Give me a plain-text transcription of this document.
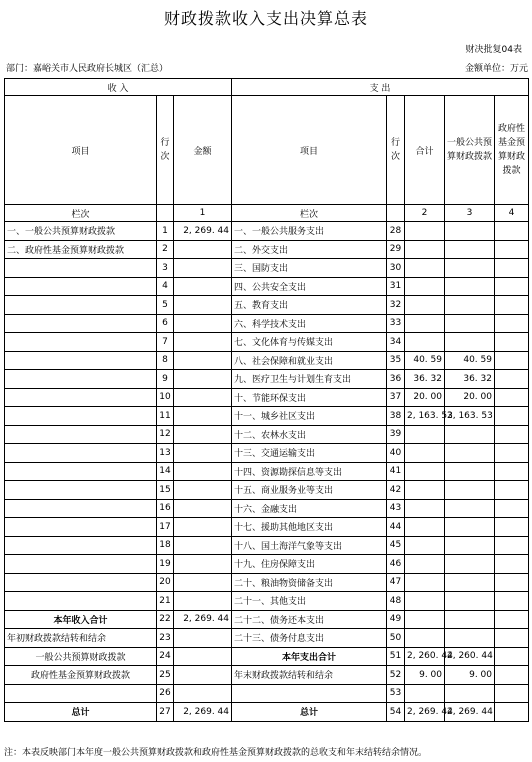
财政拨款收入支出决算总表
财决批复04表
部门：嘉峪关市人民政府长城区（汇总）	金额单位：万元
收 入			支 出				
项目	行次	金额	项目	行次	合计	一般公共预算财政拨款	政府性基金预算财政拨款
栏次		1	栏次		2	3	4
一、一般公共预算财政拨款	1	2, 269. 44	一、一般公共服务支出	28			
二、政府性基金预算财政拨款	2		二、外交支出	29			
	3		三、国防支出	30			
	4		四、公共安全支出	31			
	5		五、教育支出	32			
	6		六、科学技术支出	33			
	7		七、文化体育与传媒支出	34			
	8		八、社会保障和就业支出	35	40. 59	40. 59	
	9		九、医疗卫生与计划生育支出	36	36. 32	36. 32	
	10		十、节能环保支出	37	20. 00	20. 00	
	11		十一、城乡社区支出	38	2, 163. 53	2, 163. 53	
	12		十二、农林水支出	39			
	13		十三、交通运输支出	40			
	14		十四、资源勘探信息等支出	41			
	15		十五、商业服务业等支出	42			
	16		十六、金融支出	43			
	17		十七、援助其他地区支出	44			
	18		十八、国土海洋气象等支出	45			
	19		十九、住房保障支出	46			
	20		二十、粮油物资储备支出	47			
	21		二十一、其他支出	48			
本年收入合计	22	2, 269. 44	二十二、债务还本支出	49			
年初财政拨款结转和结余	23		二十三、债务付息支出	50			
一般公共预算财政拨款	24		本年支出合计	51	2, 260. 44	2, 260. 44	
政府性基金预算财政拨款	25		年末财政拨款结转和结余	52	9. 00	9. 00	
	26			53			
总计	27	2, 269. 44	总计	54	2, 269. 44	2, 269. 44	
注：本表反映部门本年度一般公共预算财政拨款和政府性基金预算财政拨款的总收支和年末结转结余情况。
